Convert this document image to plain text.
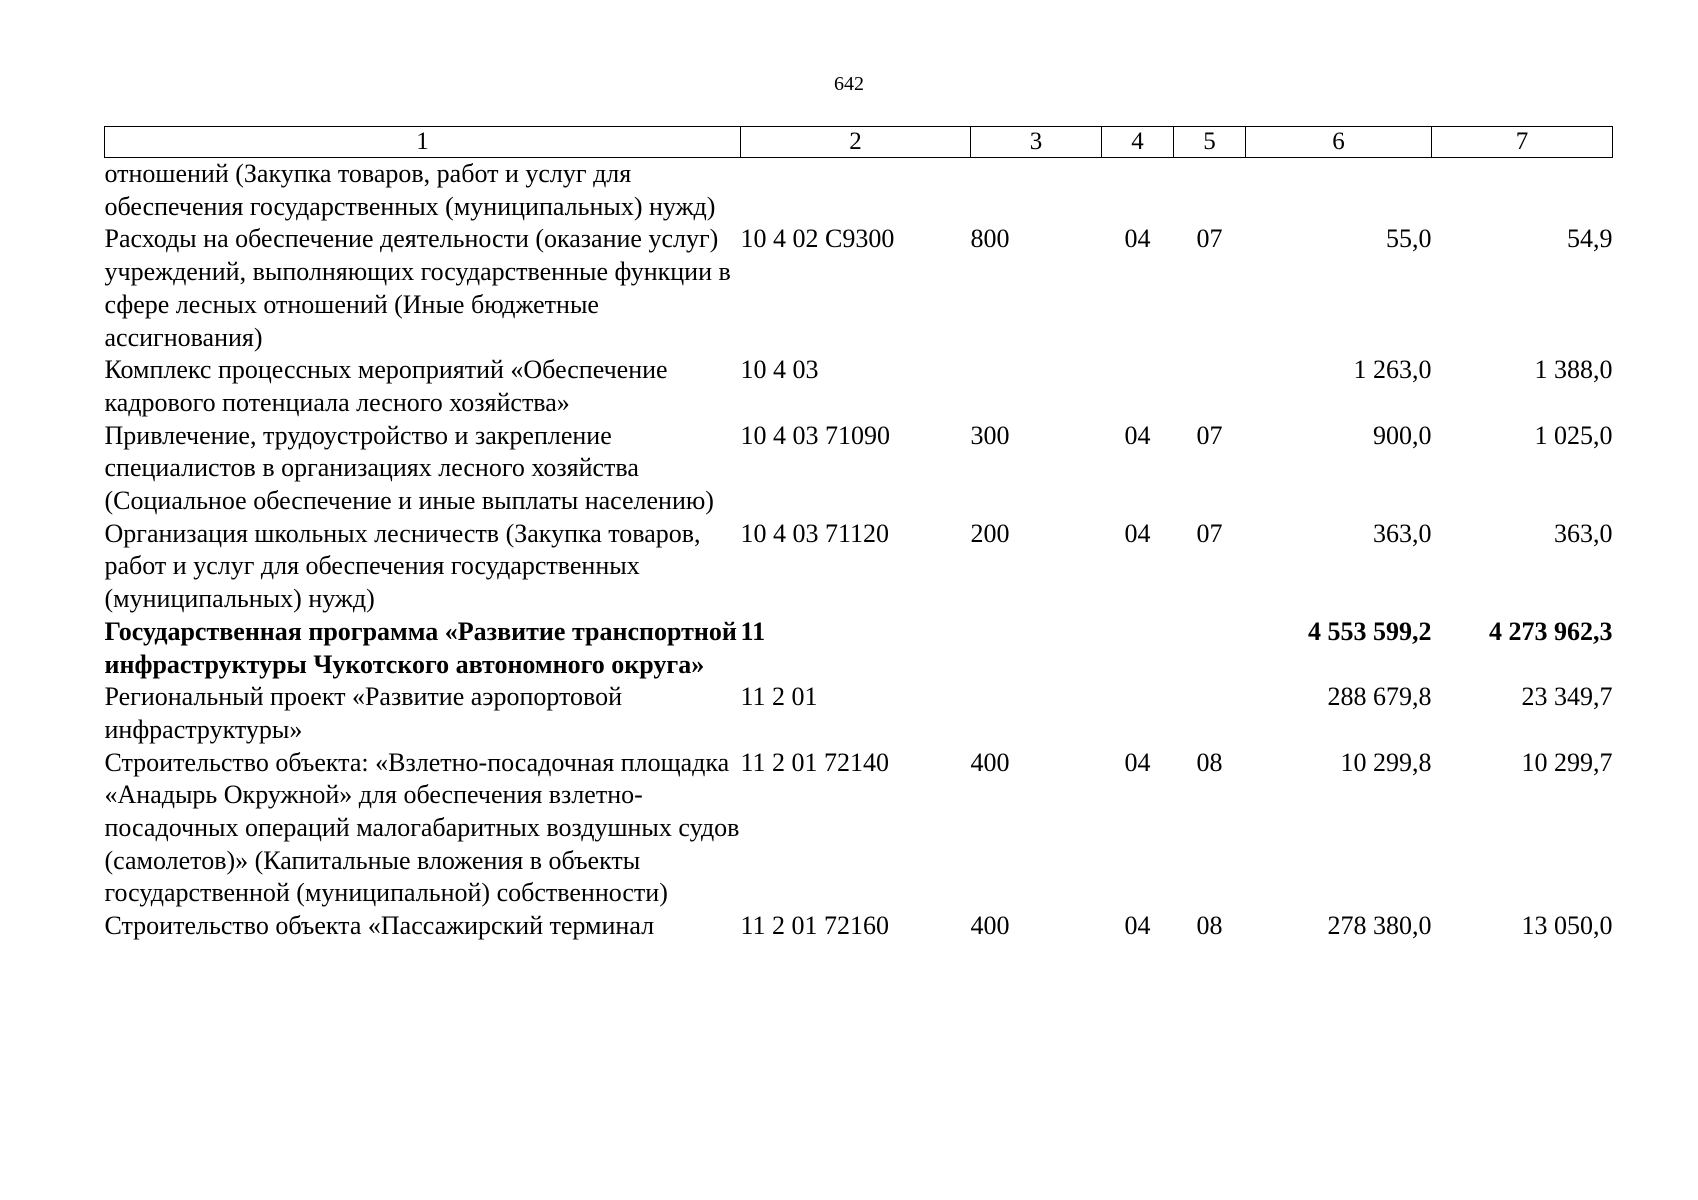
642
1	2	3	4	5	6	7
отношений (Закупка товаров, работ и услуг для обеспечения государственных (муниципальных) нужд)						
Расходы на обеспечение деятельности (оказание услуг) учреждений, выполняющих государственные функции в сфере лесных отношений (Иные бюджетные ассигнования)	10 4 02 С9300	800	04	07	55,0	54,9
Комплекс процессных мероприятий «Обеспечение кадрового потенциала лесного хозяйства»	10 4 03				1 263,0	1 388,0
Привлечение, трудоустройство и закрепление специалистов в организациях лесного хозяйства (Социальное обеспечение и иные выплаты населению)	10 4 03 71090	300	04	07	900,0	1 025,0
Организация школьных лесничеств (Закупка товаров, работ и услуг для обеспечения государственных (муниципальных) нужд)	10 4 03 71120	200	04	07	363,0	363,0
Государственная программа «Развитие транспортной инфраструктуры Чукотского автономного округа»	11				4 553 599,2	4 273 962,3
Региональный проект «Развитие аэропортовой инфраструктуры»	11 2 01				288 679,8	23 349,7
Строительство объекта: «Взлетно-посадочная площадка «Анадырь Окружной» для обеспечения взлетно-посадочных операций малогабаритных воздушных судов (самолетов)» (Капитальные вложения в объекты государственной (муниципальной) собственности)	11 2 01 72140	400	04	08	10 299,8	10 299,7
Строительство объекта «Пассажирский терминал	11 2 01 72160	400	04	08	278 380,0	13 050,0
